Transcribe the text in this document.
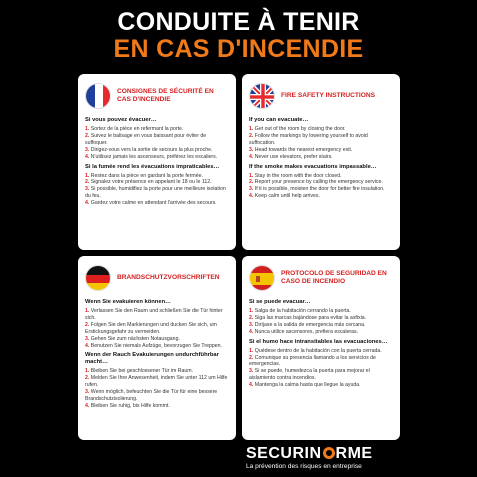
CONDUITE À TENIR
EN CAS D'INCENDIE
CONSIGNES DE SÉCURITÉ EN CAS D'INCENDIE
Si vous pouvez évacuer…
1. Sortez de la pièce en refermant la porte.
2. Suivez le balisage en vous baissant pour éviter de suffoquer.
3. Dirigez-vous vers la sortie de secours la plus proche.
4. N'utilisez jamais les ascenseurs, préférez les escaliers.
Si la fumée rend les évacuations impraticables…
1. Restez dans la pièce en gardant la porte fermée.
2. Signalez votre présence en appelant le 18 ou le 112.
3. Si possible, humidifiez la porte pour une meilleure isolation du feu.
4. Gardez votre calme en attendant l'arrivée des secours.
FIRE SAFETY INSTRUCTIONS
If you can evacuate…
1. Get out of the room by closing the door.
2. Follow the markings by lowering yourself to avoid suffocation.
3. Head towards the nearest emergency exit.
4. Never use elevators, prefer stairs.
If the smoke makes evacuations impassable…
1. Stay in the room with the door closed.
2. Report your presence by calling the emergency service.
3. If it is possible, moisten the door for better fire insulation.
4. Keep calm until help arrives.
BRANDSCHUTZVORSCHRIFTEN
Wenn Sie evakuieren können…
1. Verlassen Sie den Raum und schließen Sie die Tür hinter sich.
2. Folgen Sie den Markierungen und ducken Sie sich, um Erstickungsgefahr zu vermeiden.
3. Gehen Sie zum nächsten Notausgang.
4. Benutzen Sie niemals Aufzüge, bevorzugen Sie Treppen.
Wenn der Rauch Evakuierungen undurchführbar macht…
1. Bleiben Sie bei geschlossener Tür im Raum.
2. Melden Sie Ihre Anwesenheit, indem Sie unter 112 um Hilfe rufen.
3. Wenn möglich, befeuchten Sie die Tür für eine bessere Brandschutzisolierung.
4. Bleiben Sie ruhig, bis Hilfe kommt.
PROTOCOLO DE SEGURIDAD EN CASO DE INCENDIO
Si se puede evacuar…
1. Salga de la habitación cerrando la puerta.
2. Siga las marcas bajándose para evitar la asfixia.
3. Diríjase a la salida de emergencia más cercana.
4. Nunca utilice ascensores, prefiera escaleras.
Si el humo hace intransitables las evacuaciones…
1. Quédese dentro de la habitación con la puerta cerrada.
2. Comunique su presencia llamando a los servicios de emergencias.
3. Si se puede, humedezca la puerta para mejorar el aislamiento contra incendios.
4. Mantenga la calma hasta que llegue la ayuda.
SECURIN RME
La prévention des risques en entreprise
